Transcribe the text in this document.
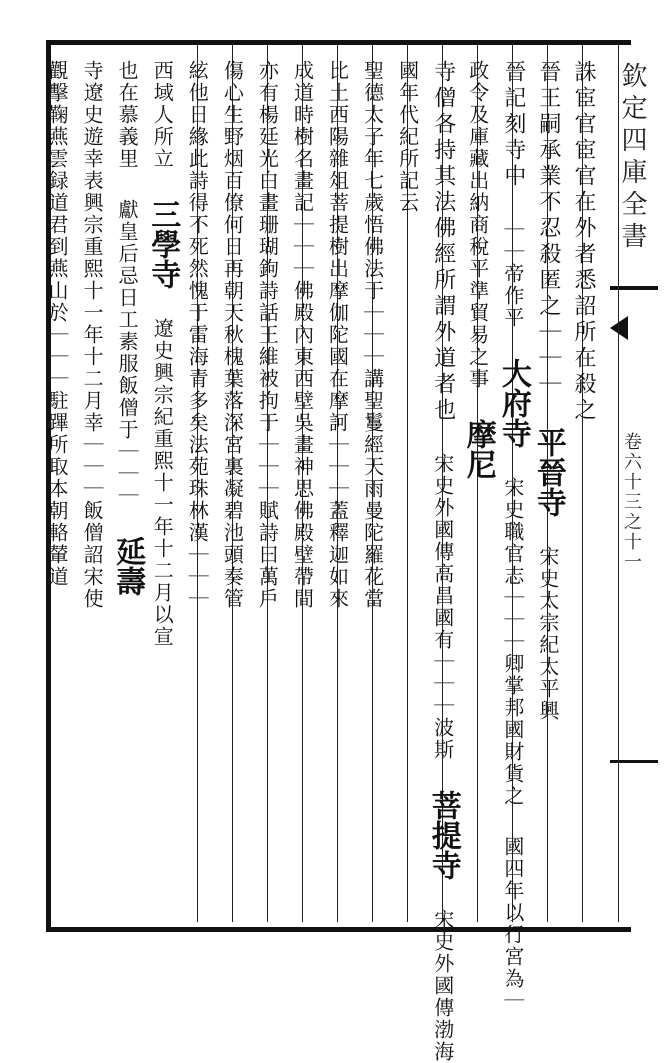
欽定四庫全書
卷六十三之十一
誅宦官宦官在外者悉詔所在殺之
晉王嗣承業不忍殺匿之｜｜｜ 平晉寺 宋史太宗紀太平興
晉記刻寺中 ｜｜帝作平 大府寺 宋史職官志｜｜｜卿掌邦國財貨之 國四年以行宮為｜
政令及庫藏出納商稅平準貿易之事 摩尼
寺僧各持其法佛經所謂外道者也 宋史外國傳高昌國有｜｜｜波斯 菩提寺 宋史外國傳渤海
國年代紀所記云
聖德太子年七歲悟佛法于｜｜｜講聖鬘經天雨曼陀羅花當
比土西陽雜俎菩提樹出摩伽陀國在摩訶｜｜｜蓋釋迦如來
成道時樹名畫記｜｜｜佛殿內東西壁吳畫神思佛殿壁帶間
亦有楊廷光白畫珊瑚鉤詩話王維被拘于｜｜｜賦詩曰萬戶
傷心生野烟百僚何日再朝天秋槐葉落深宮裏凝碧池頭奏管
絃他日緣此詩得不死然愧于雷海青多矣法苑珠林漢｜｜｜
西域人所立 三學寺 遼史興宗紀重熙十一年十二月以宣
也在慕義里 獻皇后忌日工素服飯僧于｜｜｜ 延壽
寺遼史遊幸表興宗重熙十一年十二月幸｜｜｜飯僧詔宋使
觀擊鞠燕雲録道君到燕山於｜｜｜駐蹕所取本朝輅輦道
